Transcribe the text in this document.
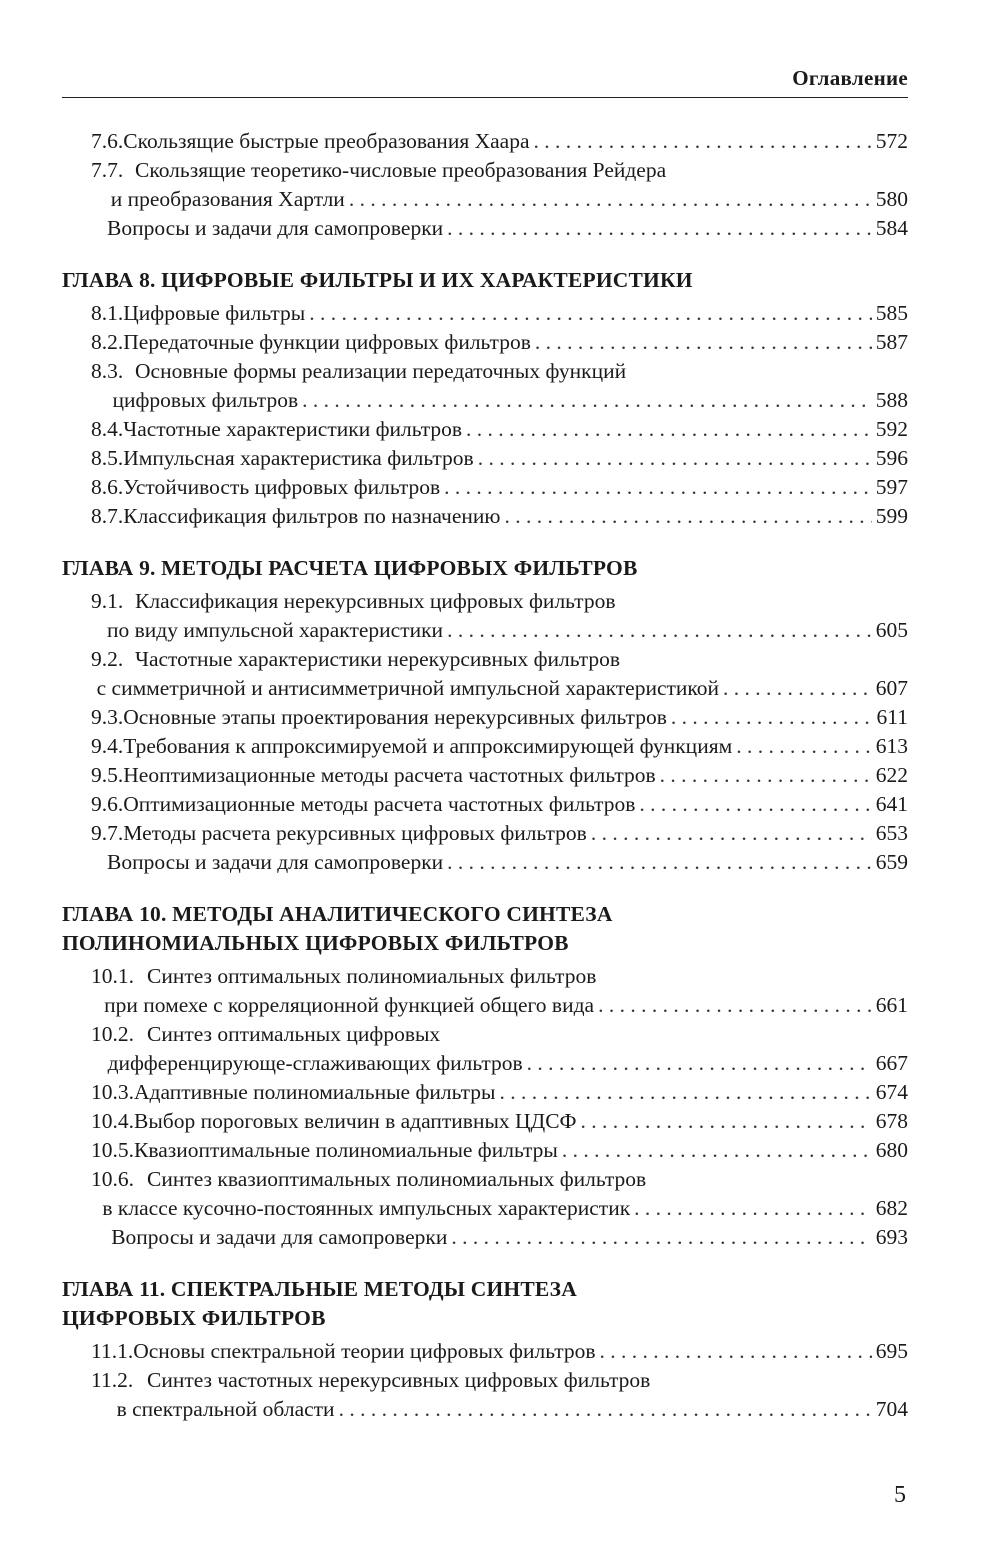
Оглавление
7.6. Скользящие быстрые преобразования Хаара . . .	572
7.7. Скользящие теоретико-числовые преобразования Рейдера
и преобразования Хартли . . .	580
Вопросы и задачи для самопроверки . . .	584
ГЛАВА 8. ЦИФРОВЫЕ ФИЛЬТРЫ И ИХ ХАРАКТЕРИСТИКИ
8.1. Цифровые фильтры . . .	585
8.2. Передаточные функции цифровых фильтров . . .	587
8.3. Основные формы реализации передаточных функций
цифровых фильтров . . .	588
8.4. Частотные характеристики фильтров . . .	592
8.5. Импульсная характеристика фильтров . . .	596
8.6. Устойчивость цифровых фильтров . . .	597
8.7. Классификация фильтров по назначению . . .	599
ГЛАВА 9. МЕТОДЫ РАСЧЕТА ЦИФРОВЫХ ФИЛЬТРОВ
9.1. Классификация нерекурсивных цифровых фильтров
по виду импульсной характеристики . . .	605
9.2. Частотные характеристики нерекурсивных фильтров
с симметричной и антисимметричной импульсной характеристикой . . .	607
9.3. Основные этапы проектирования нерекурсивных фильтров . . .	611
9.4. Требования к аппроксимируемой и аппроксимирующей функциям . . .	613
9.5. Неоптимизационные методы расчета частотных фильтров . . .	622
9.6. Оптимизационные методы расчета частотных фильтров . . .	641
9.7. Методы расчета рекурсивных цифровых фильтров . . .	653
Вопросы и задачи для самопроверки . . .	659
ГЛАВА 10. МЕТОДЫ АНАЛИТИЧЕСКОГО СИНТЕЗА
ПОЛИНОМИАЛЬНЫХ ЦИФРОВЫХ ФИЛЬТРОВ
10.1. Синтез оптимальных полиномиальных фильтров
при помехе с корреляционной функцией общего вида . . .	661
10.2. Синтез оптимальных цифровых
дифференцирующе-сглаживающих фильтров . . .	667
10.3. Адаптивные полиномиальные фильтры . . .	674
10.4. Выбор пороговых величин в адаптивных ЦДСФ . . .	678
10.5. Квазиоптимальные полиномиальные фильтры . . .	680
10.6. Синтез квазиоптимальных полиномиальных фильтров
в классе кусочно-постоянных импульсных характеристик . . .	682
Вопросы и задачи для самопроверки . . .	693
ГЛАВА 11. СПЕКТРАЛЬНЫЕ МЕТОДЫ СИНТЕЗА
ЦИФРОВЫХ ФИЛЬТРОВ
11.1. Основы спектральной теории цифровых фильтров . . .	695
11.2. Синтез частотных нерекурсивных цифровых фильтров
в спектральной области . . .	704
5
